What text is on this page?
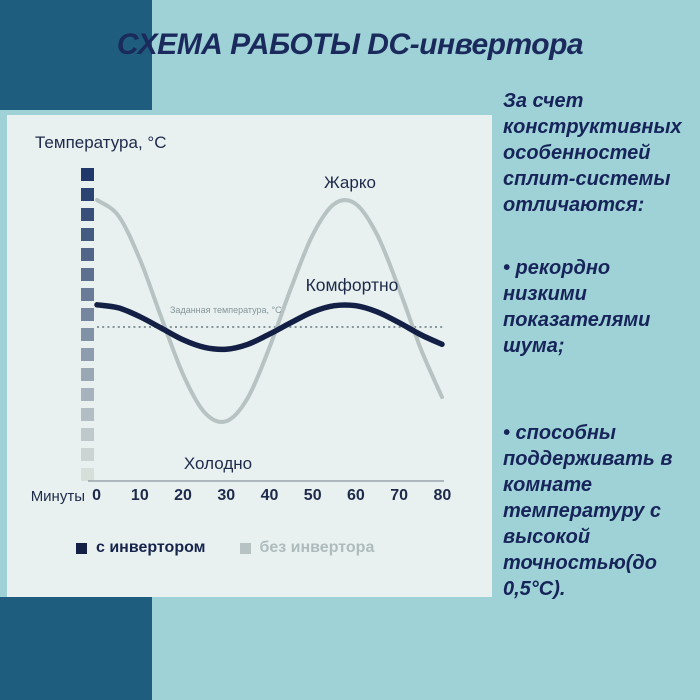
СХЕМА РАБОТЫ DC-инвертора
Температура, °C
Жарко
Комфортно
Холодно
Заданная температура, °C
Минуты 0	10	20	30	40	50	60	70	80
с инвертором	без инвертора
За счет конструктивных особенностей сплит-системы отличаются:
• рекордно низкими показателями шума;
• способны поддерживать в комнате температуру с высокой точностью(до 0,5°C).
